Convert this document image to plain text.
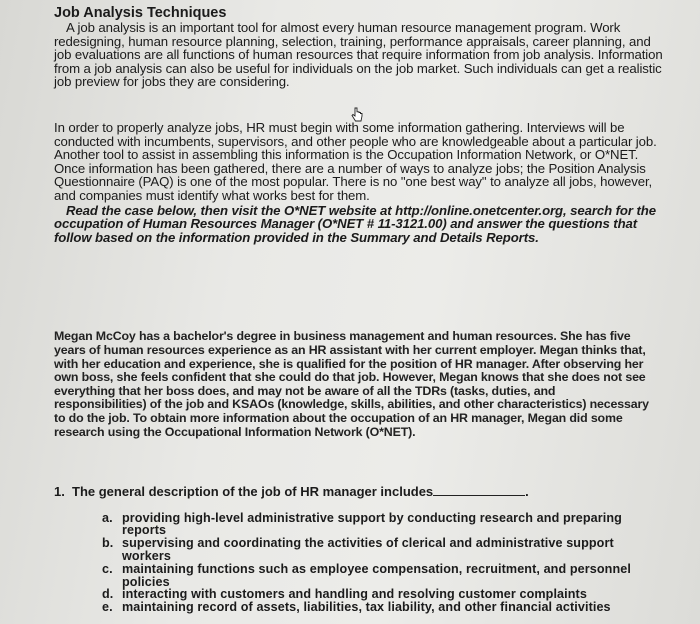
Job Analysis Techniques

A job analysis is an important tool for almost every human resource management program. Work redesigning, human resource planning, selection, training, performance appraisals, career planning, and job evaluations are all functions of human resources that require information from job analysis. Information from a job analysis can also be useful for individuals on the job market. Such individuals can get a realistic job preview for jobs they are considering.

In order to properly analyze jobs, HR must begin with some information gathering. Interviews will be conducted with incumbents, supervisors, and other people who are knowledgeable about a particular job. Another tool to assist in assembling this information is the Occupation Information Network, or O*NET. Once information has been gathered, there are a number of ways to analyze jobs; the Position Analysis Questionnaire (PAQ) is one of the most popular. There is no "one best way" to analyze all jobs, however, and companies must identify what works best for them.

Read the case below, then visit the O*NET website at http://online.onetcenter.org, search for the occupation of Human Resources Manager (O*NET # 11-3121.00) and answer the questions that follow based on the information provided in the Summary and Details Reports.

Megan McCoy has a bachelor's degree in business management and human resources. She has five years of human resources experience as an HR assistant with her current employer. Megan thinks that, with her education and experience, she is qualified for the position of HR manager. After observing her own boss, she feels confident that she could do that job. However, Megan knows that she does not see everything that her boss does, and may not be aware of all the TDRs (tasks, duties, and responsibilities) of the job and KSAOs (knowledge, skills, abilities, and other characteristics) necessary to do the job. To obtain more information about the occupation of an HR manager, Megan did some research using the Occupational Information Network (O*NET).

1. The general description of the job of HR manager includes	.

a. providing high-level administrative support by conducting research and preparing reports
b. supervising and coordinating the activities of clerical and administrative support workers
c. maintaining functions such as employee compensation, recruitment, and personnel policies
d. interacting with customers and handling and resolving customer complaints
e. maintaining record of assets, liabilities, tax liability, and other financial activities
